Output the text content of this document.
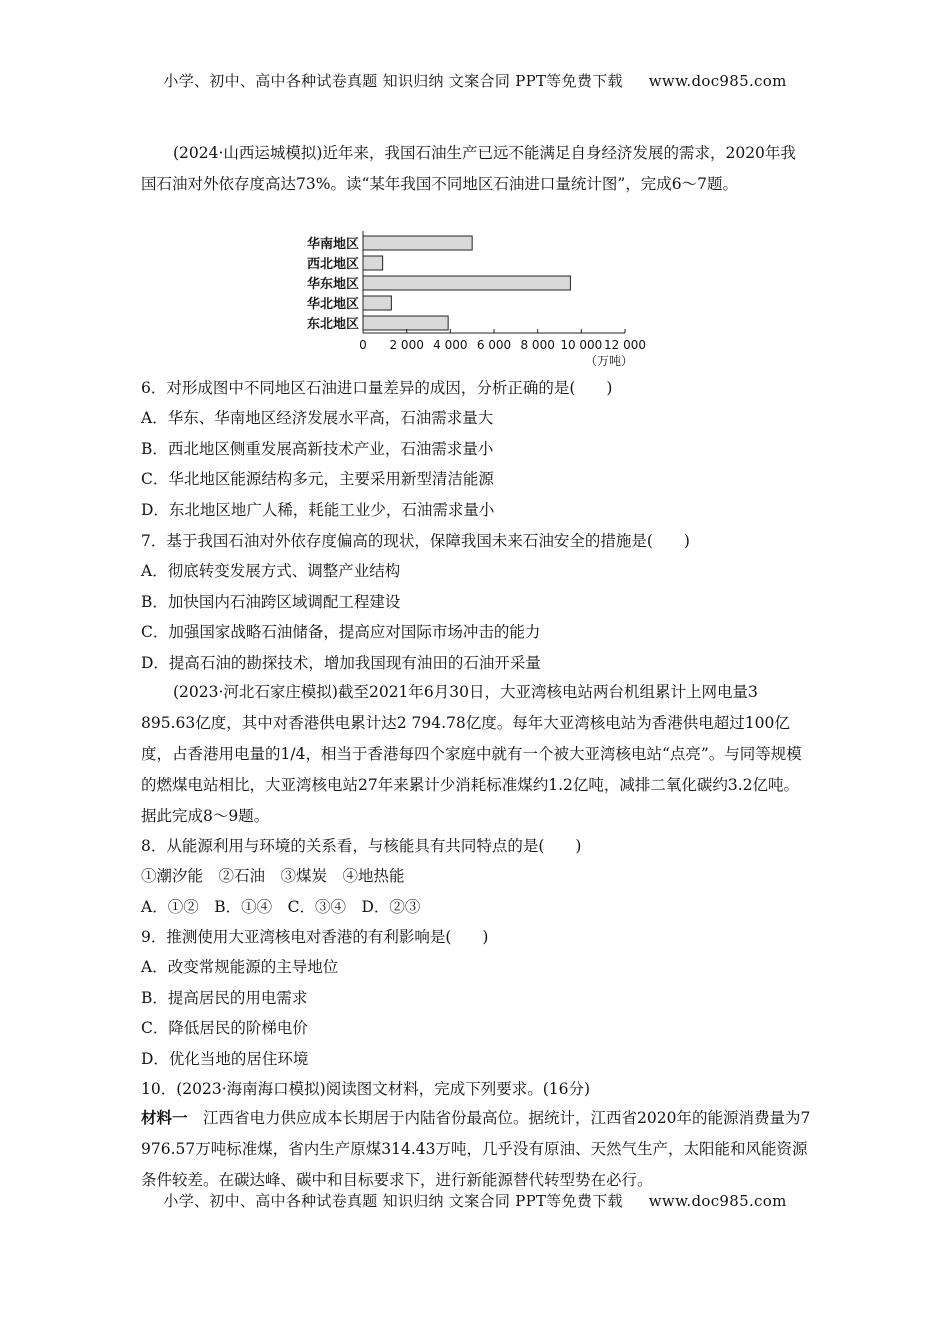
小学、初中、高中各种试卷真题 知识归纳 文案合同 PPT等免费下载 www.doc985.com
(2024·山西运城模拟)近年来，我国石油生产已远不能满足自身经济发展的需求，2020年我国石油对外依存度高达73%。读“某年我国不同地区石油进口量统计图”，完成6～7题。
华南地区
西北地区
华东地区
华北地区
东北地区
0 2 000 4 000 6 000 8 000 10 000 12 000
（万吨）
6．对形成图中不同地区石油进口量差异的成因，分析正确的是(　　)
A．华东、华南地区经济发展水平高，石油需求量大
B．西北地区侧重发展高新技术产业，石油需求量小
C．华北地区能源结构多元，主要采用新型清洁能源
D．东北地区地广人稀，耗能工业少，石油需求量小
7．基于我国石油对外依存度偏高的现状，保障我国未来石油安全的措施是(　　)
A．彻底转变发展方式、调整产业结构
B．加快国内石油跨区域调配工程建设
C．加强国家战略石油储备，提高应对国际市场冲击的能力
D．提高石油的勘探技术，增加我国现有油田的石油开采量
(2023·河北石家庄模拟)截至2021年6月30日，大亚湾核电站两台机组累计上网电量3 895.63亿度，其中对香港供电累计达2 794.78亿度。每年大亚湾核电站为香港供电超过100亿度，占香港用电量的1/4，相当于香港每四个家庭中就有一个被大亚湾核电站“点亮”。与同等规模的燃煤电站相比，大亚湾核电站27年来累计少消耗标准煤约1.2亿吨，减排二氧化碳约3.2亿吨。据此完成8～9题。
8．从能源利用与环境的关系看，与核能具有共同特点的是(　　)
①潮汐能　②石油　③煤炭　④地热能
A．①②　B．①④　C．③④　D．②③
9．推测使用大亚湾核电对香港的有利影响是(　　)
A．改变常规能源的主导地位
B．提高居民的用电需求
C．降低居民的阶梯电价
D．优化当地的居住环境
10．(2023·海南海口模拟)阅读图文材料，完成下列要求。(16分)
材料一　江西省电力供应成本长期居于内陆省份最高位。据统计，江西省2020年的能源消费量为7 976.57万吨标准煤，省内生产原煤314.43万吨，几乎没有原油、天然气生产，太阳能和风能资源条件较差。在碳达峰、碳中和目标要求下，进行新能源替代转型势在必行。
小学、初中、高中各种试卷真题 知识归纳 文案合同 PPT等免费下载 www.doc985.com
